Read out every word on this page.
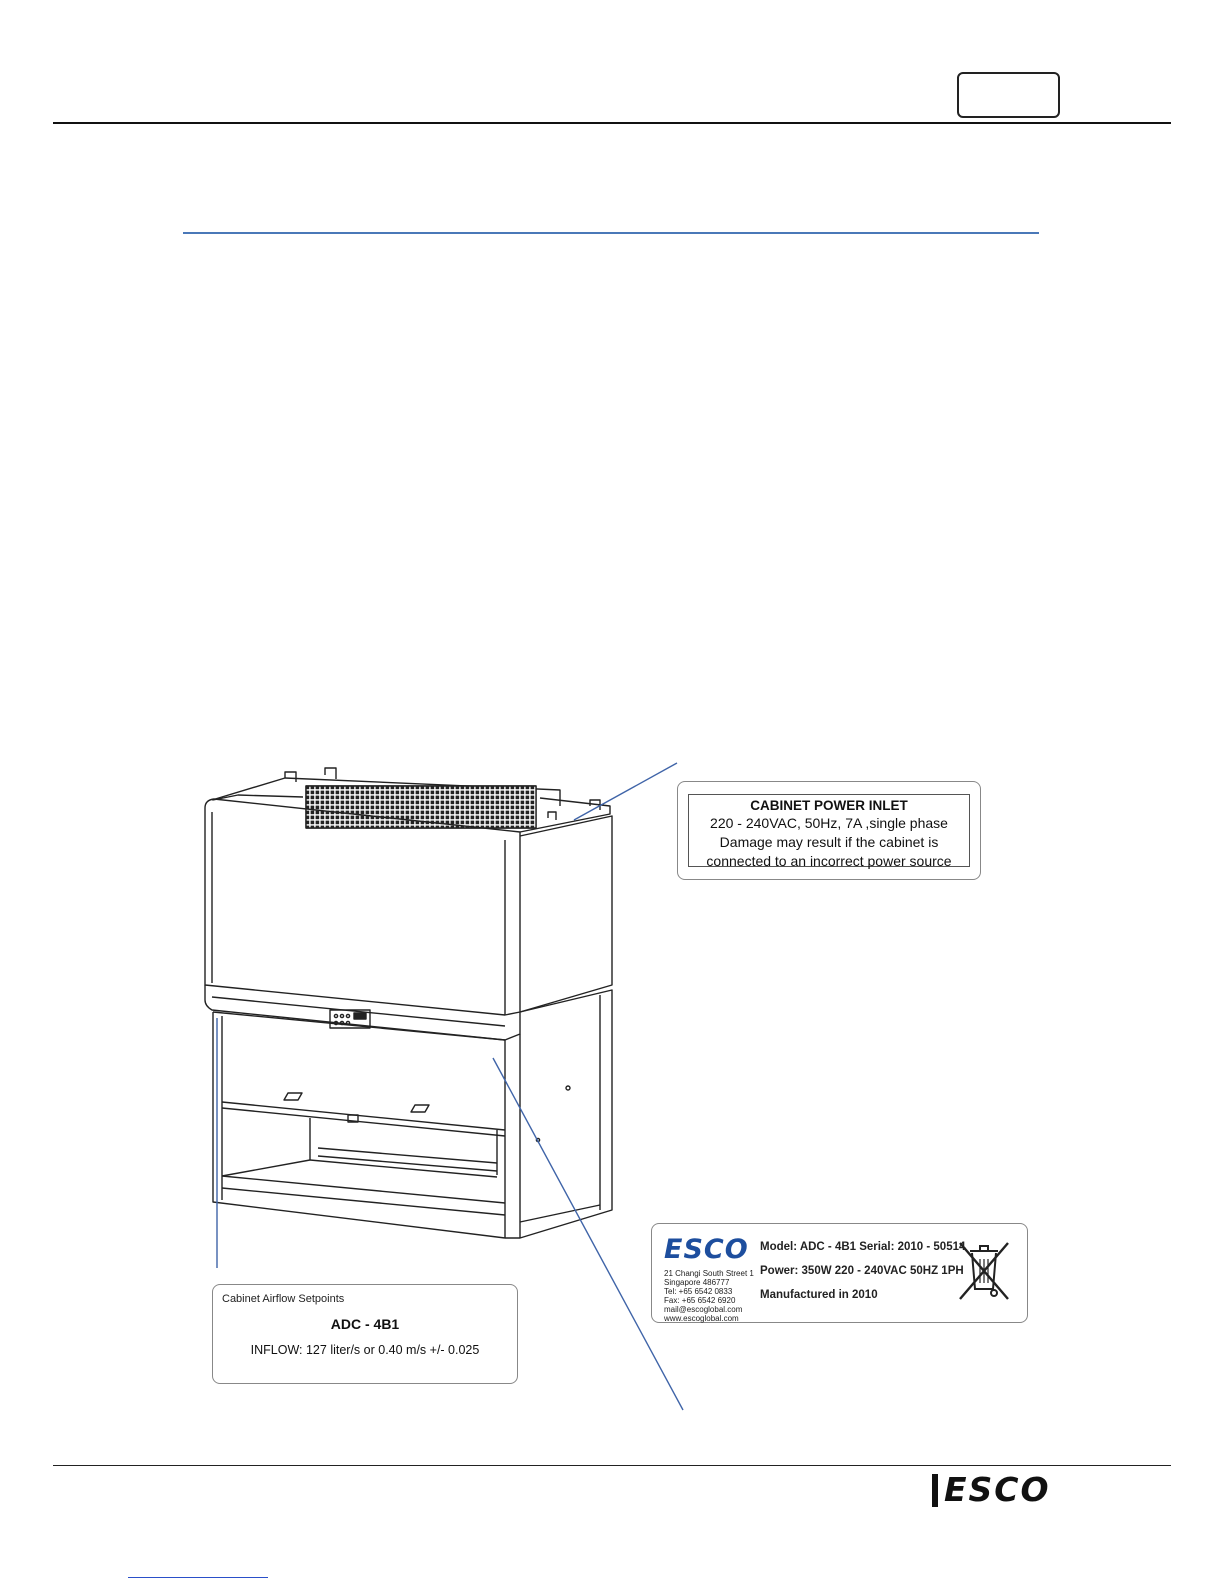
CABINET POWER INLET
220 - 240VAC, 50Hz, 7A ,single phase
Damage may result if the cabinet is
connected to an incorrect power source
Cabinet Airflow Setpoints
ADC - 4B1
INFLOW: 127 liter/s or 0.40 m/s +/- 0.025
ESCO
21 Changi South Street 1
Singapore 486777
Tel: +65 6542 0833
Fax: +65 6542 6920
mail@escoglobal.com
www.escoglobal.com
Model: ADC - 4B1 Serial: 2010 - 50514
Power: 350W 220 - 240VAC 50HZ 1PH
Manufactured in 2010
ESCO
